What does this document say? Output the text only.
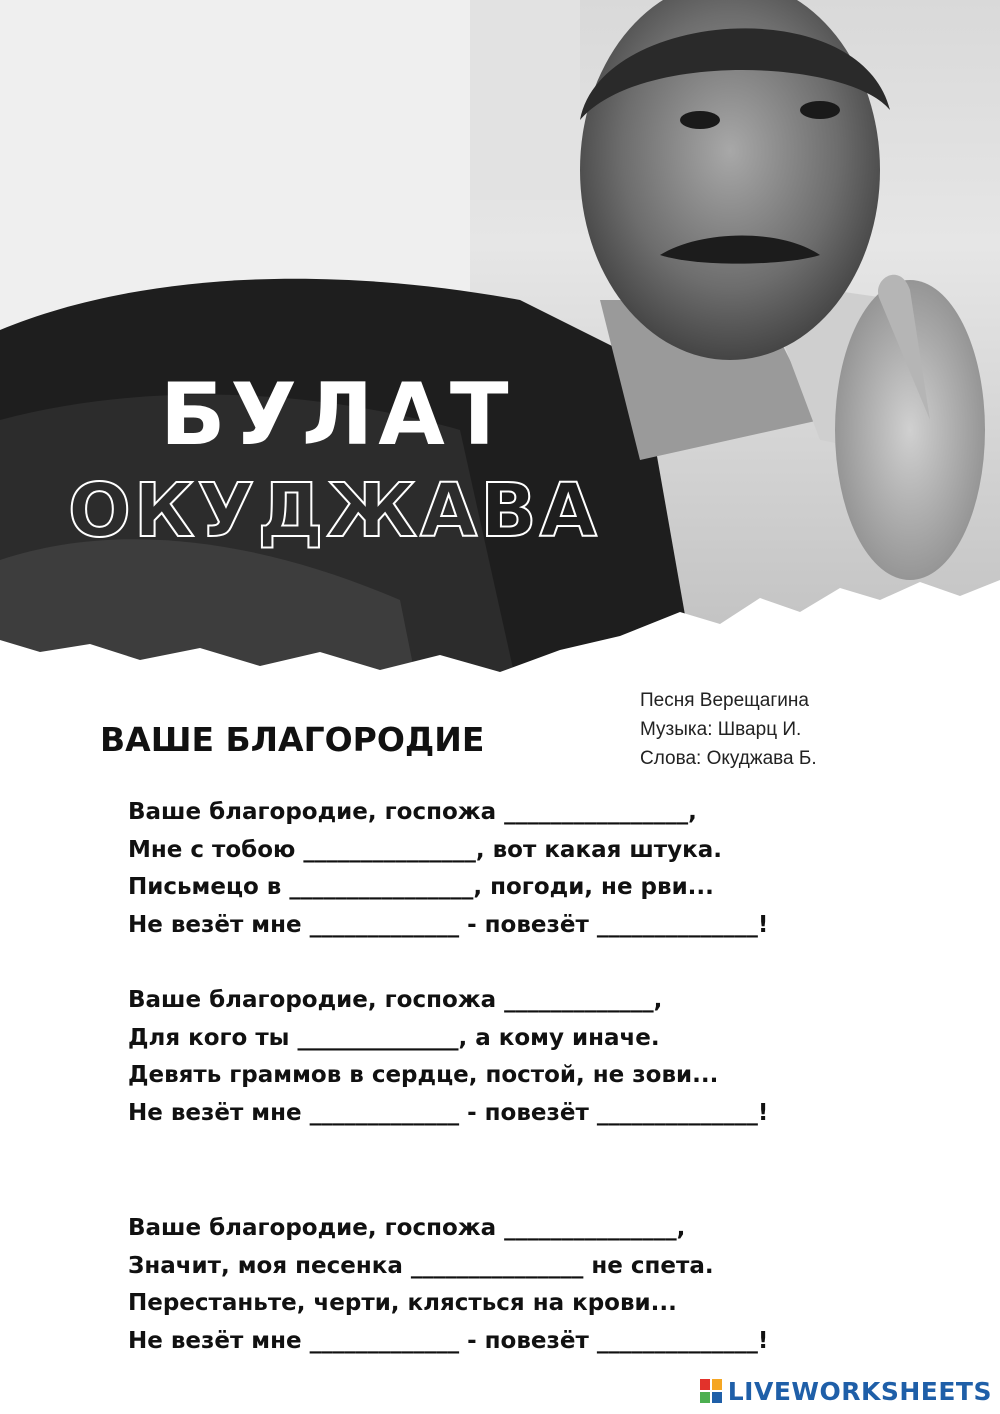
БУЛАТ
ОКУДЖАВА
ВАШЕ БЛАГОРОДИЕ
Песня Верещагина
Музыка: Шварц И.
Слова: Окуджава Б.
Ваше благородие, госпожа ________________,
Мне с тобою _______________, вот какая штука.
Письмецо в ________________, погоди, не рви...
Не везёт мне _____________ - повезёт ______________!
Ваше благородие, госпожа _____________,
Для кого ты ______________, а кому иначе.
Девять граммов в сердце, постой, не зови...
Не везёт мне _____________ - повезёт ______________!
Ваше благородие, госпожа _______________,
Значит, моя песенка _______________ не спета.
Перестаньте, черти, клясться на крови...
Не везёт мне _____________ - повезёт ______________!
LIVEWORKSHEETS
